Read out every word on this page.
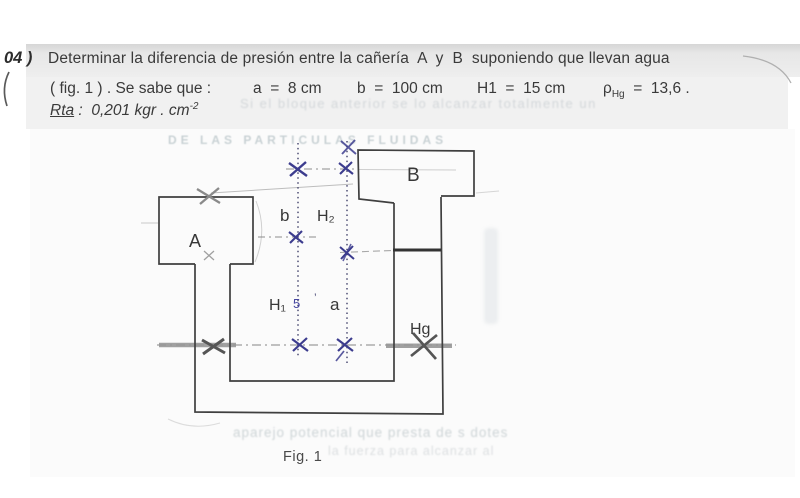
DE LAS PARTICULAS FLUIDAS
Si el bloque anterior se lo alcanzar totalmente un
aparejo potencial que presta de s dotes
la fuerza para alcanzar al
04 ) Determinar la diferencia de presión entre la cañería  A  y  B  suponiendo que llevan agua
( fig. 1 ) . Se sabe que :	a  =  8 cm b  =  100 cm H1  =  15 cm $\rho_{Hg} = 13,6$ .
Rta :  0,201 kgr . $cm^{-2}$
A
B
b H₂
H₁	a
Hg
5 ’
Fig. 1
